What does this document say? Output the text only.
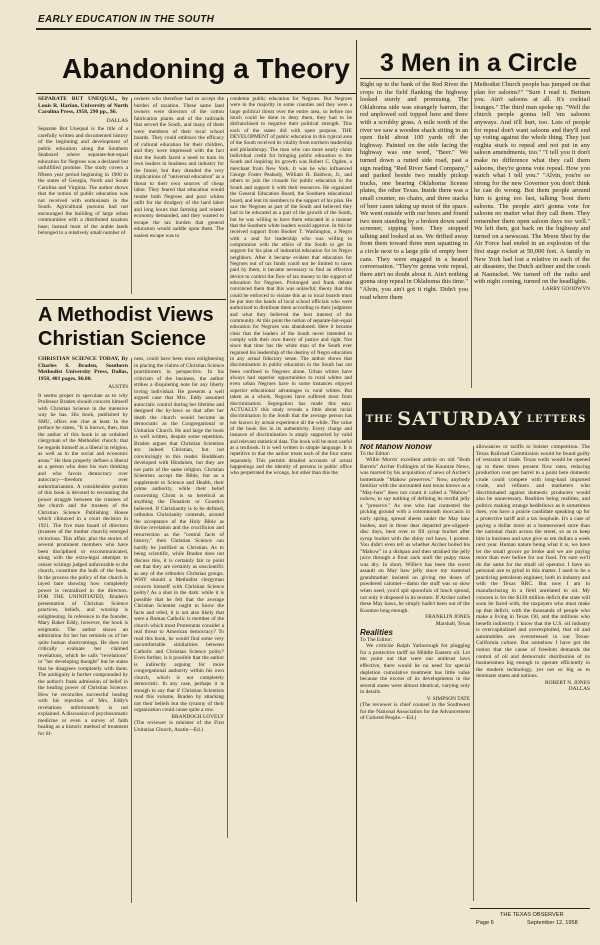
EARLY EDUCATION IN THE SOUTH
Abandoning a Theory
SEPARATE BUT UNEQUAL, by Louis R. Harlan, University of North Carolina Press, 1958, 290 pp., $6.
DALLAS
Separate But Unequal is the title of a carefully written and documented history of the beginning and development of public education along the Southern Seaboard where separate-but-equal education for Negroes was a declared but unfulfilled promise. The study covers a fifteen year period beginning in 1900 in the states of Georgia, North and South Carolina and Virginia. The author shows that the notion of public education was not received with enthusiasm in the South. Agricultural pursuits had not encouraged the building of large urban communities with a distributed taxation base; instead most of the arable lands belonged to a relatively small number of
owners who therefore had to accept the burden of taxation. These same land owners were directors of the cotton fabrication plants and of the railroads that served the South, and many of them were members of their local school boards. They could embrace the efficacy of cultural education for their children, and they were impressed with the fact that the South faced a need to train its own leaders in business and industry for the future, but they dreaded the very implications of "universal education" as a threat to their own sources of cheap labor. They feared that education would render both Negroes and poor whites unfit for the drudgery of the hard labor and long hours that farming and related economy demanded, and they wanted to escape the tax burden that general education would saddle upon them. The easiest escape was to
condemn public education for Negroes. But Negroes were in the majority in some counties and they were a large political threat over the entire area, so before too much could be done to deny them, they had to be disfranchised to negative their political strength. This each of the states did with open purpose. THE DEVELOPMENT of public education in this typical area of the South received its vitality from northern leadership and philanthropy. The man who can more nearly claim individual credit for bringing public education to the South and inspiring its growth was Robert C. Ogden, a merchant from New York. It was he who influenced George Foster Peabody, William H. Baldwin, Jr., and others to join the crusade for public education in the South and support it with their resources. He organized the General Education Board, the Southern educational board, and lent its members to the support of his plan. He saw the Negroes as part of the South and believed they had to be educated as a part of the growth of the South, but he was willing to have them educated in a manner that the Southern white leaders would approve. In this he received support from Booker T. Washington, a Negro with a zeal for leadership who was willing to compromise with the ethics of the South to get its support for his plan of industrial education for its Negro neighbors. After it became evident that education for Negroes out of tax funds could not be limited to taxes paid by them, it became necessary to find an effective device to control the flow of tax money to the support of education for Negroes. Prolonged and frank debate convinced them that this was unlawful; theory that this could be enforced to violate this as to local boards must be put into the hands of local school officials who were authorized to distribute them according to their judgment and what they believed the best interest of the community. At this point the notion of separate-but-equal education for Negroes was abandoned. Here it became clear that the leaders of the South never intended to comply with their own theory of justice and right. Not since that time has the white man of the South ever regained his leadership of the destiny of Negro education in any actual fiduciary sense. The author shows that discrimination in public education in the South has not been confined to Negroes alone. Urban whites have always had superior opportunities to rural whites and even urban Negroes have in some instances enjoyed superior educational advantages to rural whites. But taken as a whole, Negroes have suffered most from discrimination. Segregation has made this easy. ACTUALLY this study reveals a little about racial discrimination in the South that the average person has not known by actual experience all the while. The value of the book lies in its authenticity. Every charge and instance of discrimination is amply supported by valid and relevant statistical data. The book will be most useful as a textbook. It is well written in simple language. It is repetitive in that the author treats each of the four states separately. This permits detailed accounts of actual happenings and the identity of persons in public office who perpetrated the wrongs, but other than this the
A Methodist Views
Christian Science
CHRISTIAN SCIENCE TODAY, By Charles S. Braden, Southern Methodist University Press, Dallas, 1958, 401 pages, $6.00.
AUSTIN
It seems proper to speculate as to why Professor Braden should concern himself with Christian Science in the intensive way he has. His book, published by SMU, offers one clue at least. In the preface he states, "It is known, then, that the author of this book is an ordained clergyman of the Methodist church; that he regards himself as a liberal in religion, as well as in the social and economic areas." He then properly defines a liberal as a person who does his own thinking and who favors democracy over autocracy—freedom over authoritarianism. A considerable portion of this book is devoted to recounting the power struggle between the trustees of the church and the trustees of the Christian Science Publishing House which climaxed in a court decision in 1921. The five man board of directors (trustees of the mother church) emerged victorious. This affair, plus the stories of several prominent members who have been disciplined or excommunicated, along with the extra-legal attempts to censor writings judged unfavorable to the church, constitute the bulk of the book. In the process the policy of the church is layed bare showing how completely power is centralized in the directors. FOR THE UNINITIATED, Braden's presentation of Christian Science practices, beliefs, and worship is enlightening. In reference to the founder, Mary Baker Eddy, however, the book is enigmatic. The author shows an admiration for her but reminds us of her quite human shortcomings. He does not critically evaluate her claimed revelations, which he calls "revelations" or "her developing thought" but he states that he disagrees completely with them. The ambiguity is further compounded by the author's frank admission of belief in the healing power of Christian Science. How he reconciles successful healing with his rejection of Mrs. Eddy's revelations unfortunately is not explained. A discussion of psychosomatic medicine or even a survey of faith healing as a historic method of treatment for ill-
ness, could have been most enlightening in placing the claims of Christian Science practitioners in perspective. In his criticism of the business, the author strikes a disquieting note for any liberty loving individual. He presents a well argued case that Mrs. Eddy assumed autocratic control during her lifetime and designed the by-laws so that after her death the church would become as democratic as the Congregational or Unitarian Church. He and large the book is well written, despite some repetition. Braden argues that Christian Scientists are indeed Christian, but not convincingly to this reader. Buddhism developed with Hinduism, but they are not parts of the same religion. Christian Scientists accept the Bible, but as a supplement to Science and Health, their prime authority, while their belief concerning Christ is so heretical as anything the Donatists or Gnostics believed. If Christianity is to be defined, orthodox Christianity contends, around the acceptance of the Holy Bible as divine revelation and the crucifixion and resurrection as the "central facts of history," then Christian Science can hardly be justified as Christian. As to being scientific, while Braden does not discuss this, it is certainly fair to point out that they are certainly as unscientific as any of the orthodox Christian groups. WHY should a Methodist clergyman concern himself with Christian Science polity? As a shot in the dark: while it is possible that he felt that the average Christian Scientist ought to know the facts and rebel, it is not also likely that were a Roman Catholic is member of the church which most Protestants consider a real threat to American democracy? To read this book, he would find some very uncomfortable similarities between Catholic and Christian Science polity? Even further, is it possible that the author is indirectly arguing for more congregational authority within his own church, which is not completely democratic. In any case, perhaps it is enough to say that if Christian Scientists read this volume, Braden by attacking not their beliefs but the tyranny of their organization could cause quite a row.
BRANDOCH LOVELY
(The reviewer is minister of the First Unitarian Church, Austin—Ed.)
3 Men in a Circle
Right up to the bank of the Red River the crops in the field flanking the highway looked sturdy and promising. The Oklahoma side was strangely barren, the red unplowed soil topped here and there with a scrubby grass. A mile north of the river we saw a wooden shack sitting in an open field about 100 yards off the highway. Painted on the side facing the highway was one word, "Beer." We turned down a rutted side road, past a sign reading "Red River Sand Company," and parked beside two muddy pickup trucks, one bearing Oklahoma license plates, the other Texas. Inside there was a small counter, no chairs, and three stacks of beer cases taking up most of the space. We went outside with our beers and found two men standing by a broken down sand screener, sipping beer. They stopped talking and looked at us. We drifted away from them toward three men squatting in a circle next to a large pile of empty beer cans. They were engaged in a heated conversation. "They're gonna vote repeal, there ain't no doubt about it. Ain't nothing gonna stop repeal in Oklahoma this time." "Alvin, you ain't got it right. Didn't you read where them
Methodist Church people has jumped on that plan for saloons?" "Sure I read it. Betturn you. Ain't saloons at all. It's cocktail lounges." The third man spoke up. "Well the church people gonna tell 'em saloons anyways. And it'll hurt, too. Lots of people for repeal don't want saloons and they'll end up voting against the whole thing. They just oughta stuck to repeal and not put in any saloon amendments, too." "I tell you it don't make no difference what they call them saloons, they're gonna vote repeal. How you watch what I tell you." "Alvin, you're so strong for the new Governor you don't think he can do wrong. But them people around him is going too fast, talking 'bout them saloons. The people ain't gonna vote for saloons no matter what they call them. They remember them open saloon days too well." We left then, got back on the highway and turned on a newscast. The Moon Shot by the Air Force had ended in an explosion of the first stage rocket at 50,000 feet. A family in New York had lost a relative in each of the air disasters, the Dutch airliner and the crash at Nantucket. We turned off the radio and with night coming, turned on the headlights.
LARRY GOODWYN
THE SATURDAY LETTERS
Not Mahow Nohow
To the Editor:
Willie Morris' excellent article on old "Both Barrels" Archer Fullingim of the Kountze News, was marred by his acquisition of news of Archer's homemade "Mahow preserves." Now, anybody familiar with the uncounted east texas knows as a "May-haw" does not count it called a "Mahow" nohow, to say nothing of defining its rectful jelly a "preserve." As one who has contested the picking ground with a cottonmouth moccasin in early spring, spread sheets under the May haw bushes, and in those dear departed pre-slipped-disc days, bent over to fill syrup bucket after syrup bucket with the shiny red haws, I protest. You didn't even tell us whether Archer boiled his "Mahow" in a dishpan and then strained the jelly juice through a flour sack until the pulpy mass was dry. In short, Willie's has been the worst assault on May haw jelly since my maternal grandmother insisted on giving me doses of powdered calomel—damn the stuff was so slow when used, you'd spit spoonfuls of lunch spread, not only it disposed in its texture. If Archer called these May haws, he simply hadn't been out of the Kountze long enough.
FRANKLIN JONES
Marshall, Texas
Realities
To The Editor:
We criticize Ralph Yarborough for plugging for a protective tariff on Middle Eastern oil. Let me point out that were our antitrust laws effective, there would be no need for special depletion cumulative treatment has little value because the excess of its developments in the several states were almost identical, varying only in details.
V. SIMPSON TATE
(The reviewer is chief counsel in the Southwest for the National Association for the Advancement of Colored People.—Ed.)
allowances or tariffs to bolster competition. The Texas Railroad Commission would be found guilty of restraint of trade. Texas wells would be opened up to three times present flow rates, reducing production cost per barrel to a point here domestic crude could compete with long-haul imported crude, and refiners and marketers who discriminated against domestic producers would also be unnecessary. Realities being realities, and politics making strange bedfellows as it sometimes does, you have a prairie candidate speaking up for a protective tariff and a tax loophole. It's a case of paying a dollar more at a homeowned store than the national chain across the street, so as to keep him in business and save give us ten dollars a week next year. Human nature being what it is, we have let the small grocer go broke and we are paying more than ever before for our food. I'm sure we'll do the same for the small oil operator. I have no personal axe to grind in this matter. I used to be a practicing petroleum engineer, both in industry and with the Texas RRC. But now I am in manufacturing in a field unrelated to oil. My concern is for the $120 million deficit the state will soon be faced with, the taxpayers who must make up that deficit, with the thousands of people who make a living in Texas Oil, and the millions who benefit indirectly. I know that the U.S. oil industry is overcapitalized and overexploited, that oil and automobiles are overstressed in our Texas-California culture. But somehow I have got the notion that the cause of freedom demands the control of oil and democratic distribution of its businessmen big enough to operate efficiently in the modern technology, yet not so big as to dominate states and nations.
ROBERT N. JONES
DALLAS
THE TEXAS OBSERVER
Page 6	September 12, 1958
